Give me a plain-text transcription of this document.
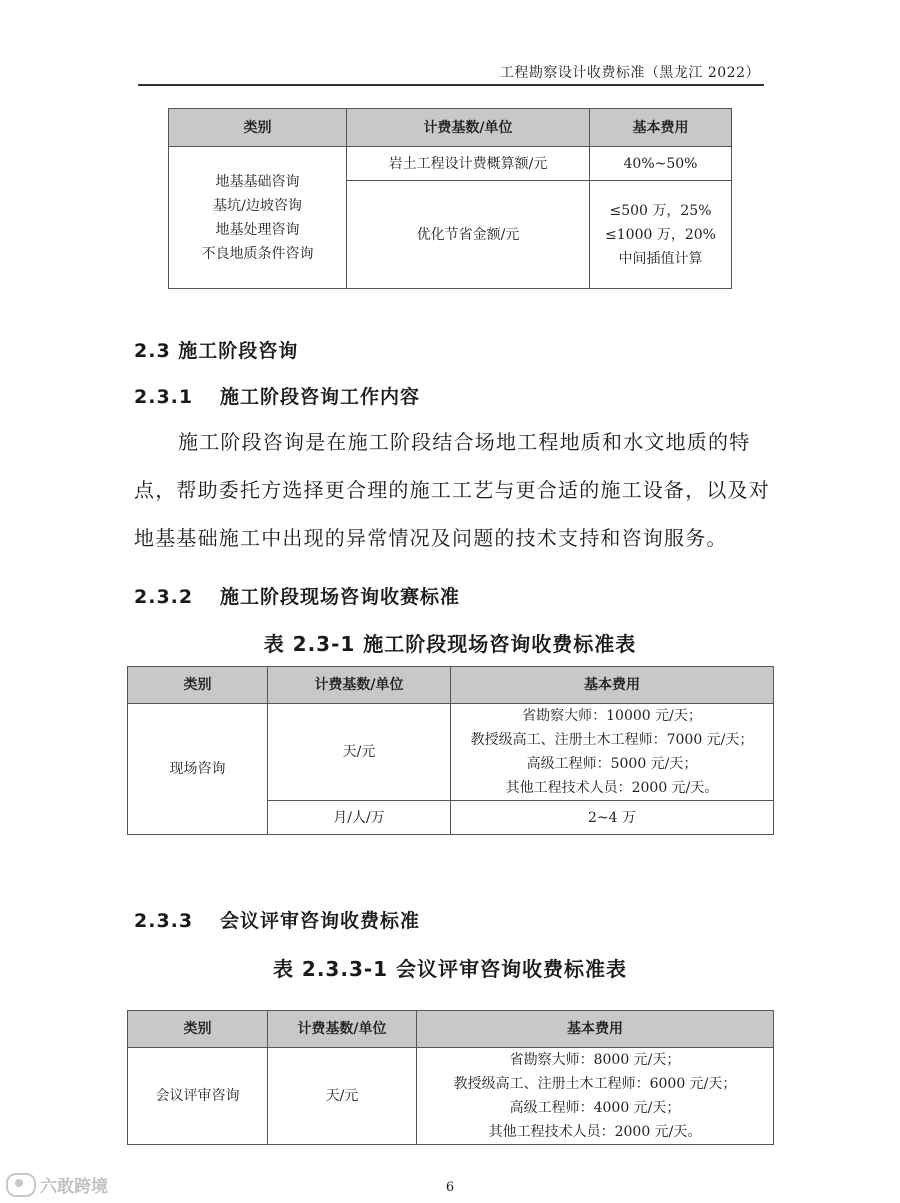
工程勘察设计收费标准（黑龙江 2022）
类别	计费基数/单位	基本费用

地基基础咨询
基坑/边坡咨询
地基处理咨询
不良地质条件咨询	岩土工程设计费概算额/元	40%~50%
	优化节省金额/元	≤500 万，25%
≤1000 万，20%
中间插值计算
2.3 施工阶段咨询
2.3.1 施工阶段咨询工作内容
施工阶段咨询是在施工阶段结合场地工程地质和水文地质的特
点，帮助委托方选择更合理的施工工艺与更合适的施工设备，以及对
地基基础施工中出现的异常情况及问题的技术支持和咨询服务。
2.3.2 施工阶段现场咨询收赛标准
表 2.3-1 施工阶段现场咨询收费标准表
类别	计费基数/单位	基本费用
现场咨询	天/元	省勘察大师：10000 元/天；
教授级高工、注册土木工程师：7000 元/天；
高级工程师：5000 元/天；
其他工程技术人员：2000 元/天。

	月/人/万	2~4 万
2.3.3 会议评审咨询收费标准
表 2.3.3-1 会议评审咨询收费标准表
类别	计费基数/单位	基本费用
会议评审咨询	天/元	省勘察大师：8000 元/天；
教授级高工、注册土木工程师：6000 元/天；
高级工程师：4000 元/天；
其他工程技术人员：2000 元/天。
六敢跨境	6
